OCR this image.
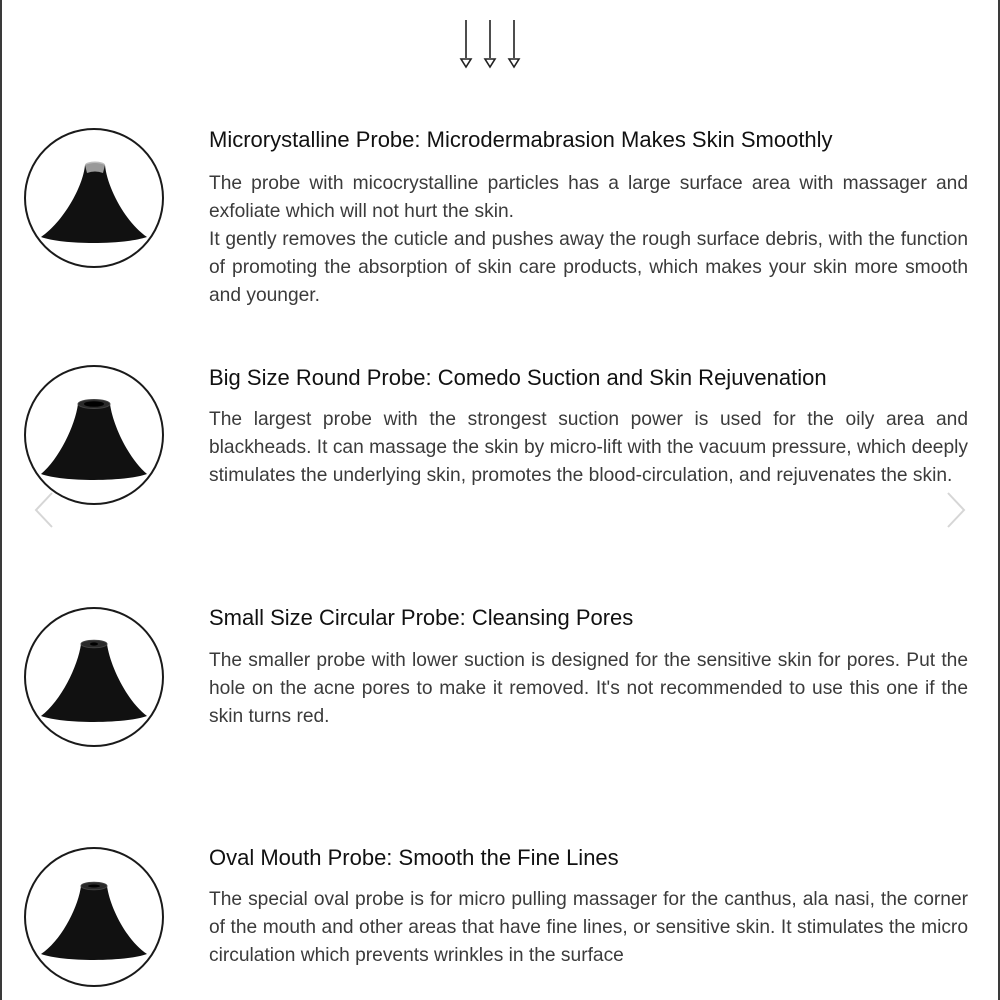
Microrystalline Probe: Microdermabrasion Makes Skin Smoothly

The probe with micocrystalline particles has a large surface area with massager and exfoliate which will not hurt the skin.

It gently removes the cuticle and pushes away the rough surface debris, with the function of promoting the absorption of skin care products, which makes your skin more smooth and younger.

Big Size Round Probe: Comedo Suction and Skin Rejuvenation

The largest probe with the strongest suction power is used for the oily area and blackheads. It can massage the skin by micro-lift with the vacuum pressure, which deeply stimulates the underlying skin, promotes the blood-circulation, and rejuvenates the skin.

Small Size Circular Probe: Cleansing Pores

The smaller probe with lower suction is designed for the sensitive skin for pores. Put the hole on the acne pores to make it removed. It's not recommended to use this one if the skin turns red.

Oval Mouth Probe: Smooth the Fine Lines

The special oval probe is for micro pulling massager for the canthus, ala nasi, the corner of the mouth and other areas that have fine lines, or sensitive skin. It stimulates the micro circulation which prevents wrinkles in the surface
